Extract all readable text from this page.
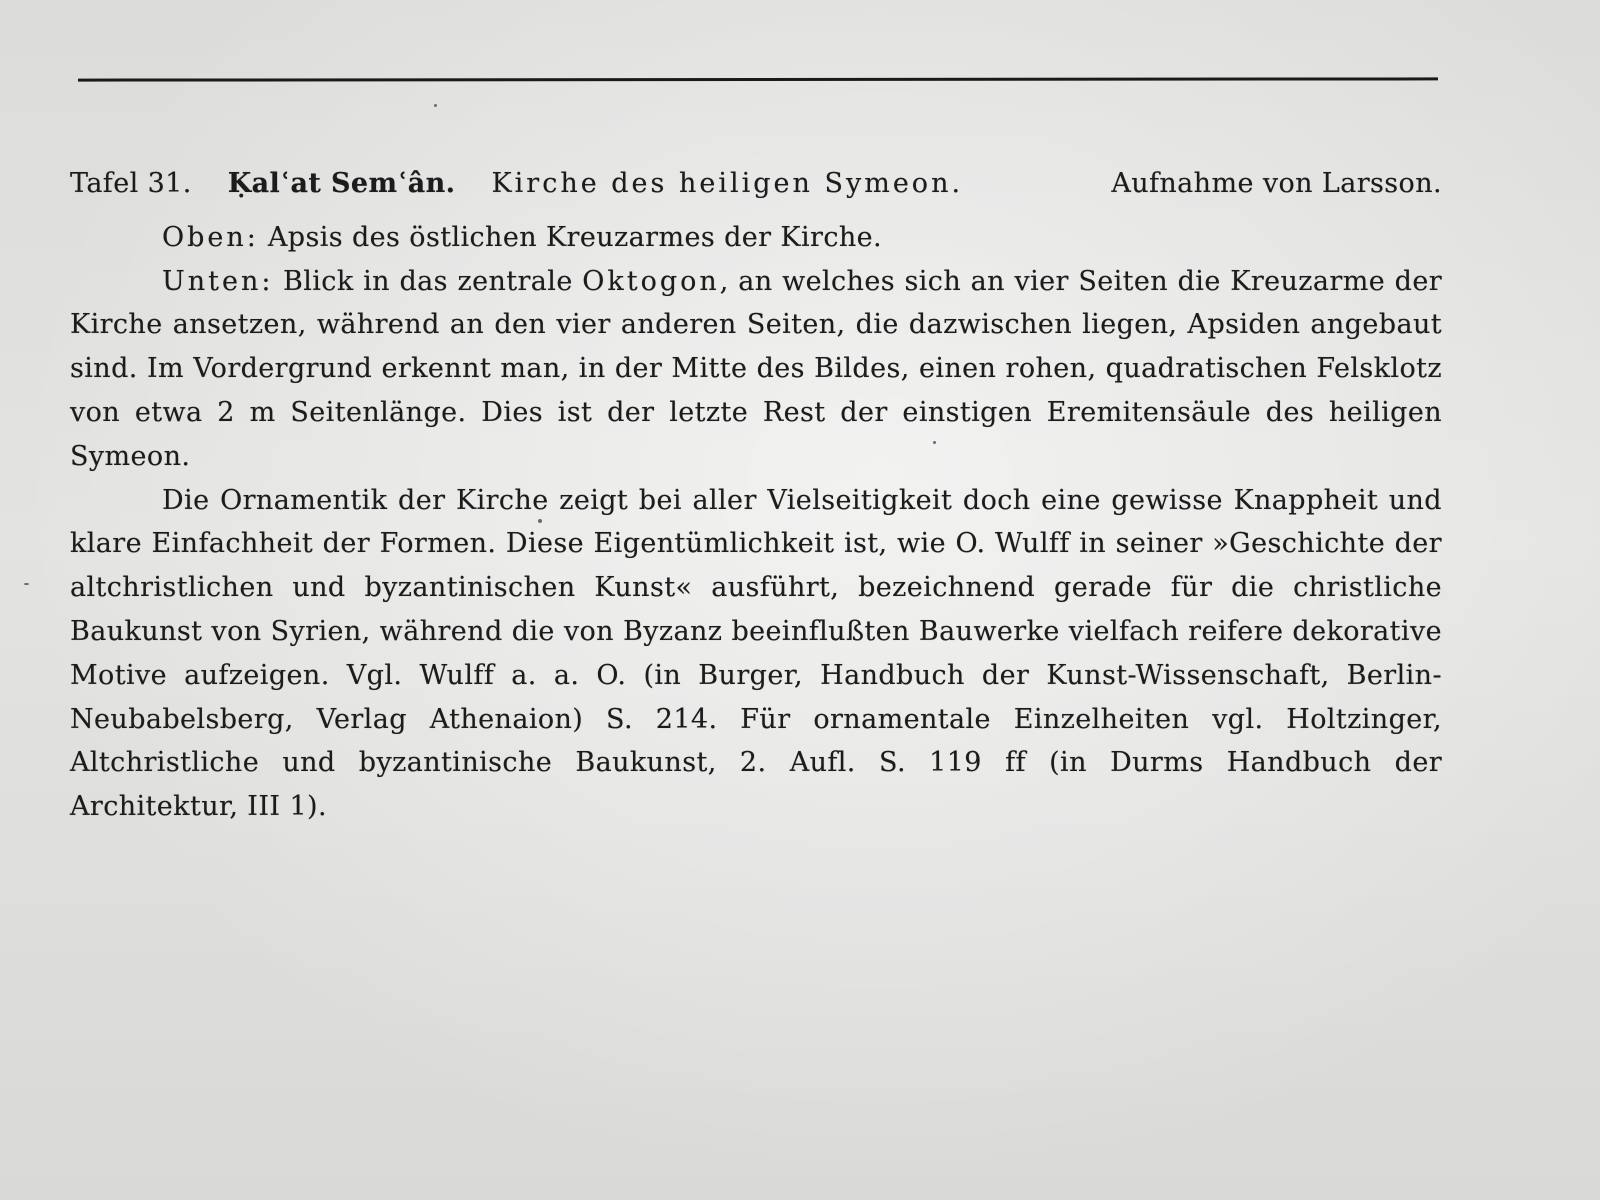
Tafel 31. Ḳalʿat Semʿân. Kirche des heiligen Symeon.	Aufnahme von Larsson.

Oben: Apsis des östlichen Kreuzarmes der Kirche.

Unten: Blick in das zentrale Oktogon, an welches sich an vier Seiten die Kreuzarme der Kirche ansetzen, während an den vier anderen Seiten, die dazwischen liegen, Apsiden angebaut sind. Im Vordergrund erkennt man, in der Mitte des Bildes, einen rohen, quadratischen Felsklotz von etwa 2 m Seitenlänge. Dies ist der letzte Rest der einstigen Eremitensäule des heiligen Symeon.

Die Ornamentik der Kirche zeigt bei aller Vielseitigkeit doch eine gewisse Knappheit und klare Einfachheit der Formen. Diese Eigentümlichkeit ist, wie O. Wulff in seiner »Geschichte der altchristlichen und byzantinischen Kunst« ausführt, bezeichnend gerade für die christliche Baukunst von Syrien, während die von Byzanz beeinflußten Bauwerke vielfach reifere dekorative Motive aufzeigen. Vgl. Wulff a. a. O. (in Burger, Handbuch der Kunst-Wissenschaft, Berlin-Neubabelsberg, Verlag Athenaion) S. 214. Für ornamentale Einzelheiten vgl. Holtzinger, Altchristliche und byzantinische Baukunst, 2. Aufl. S. 119 ff (in Durms Handbuch der Architektur, III 1).
